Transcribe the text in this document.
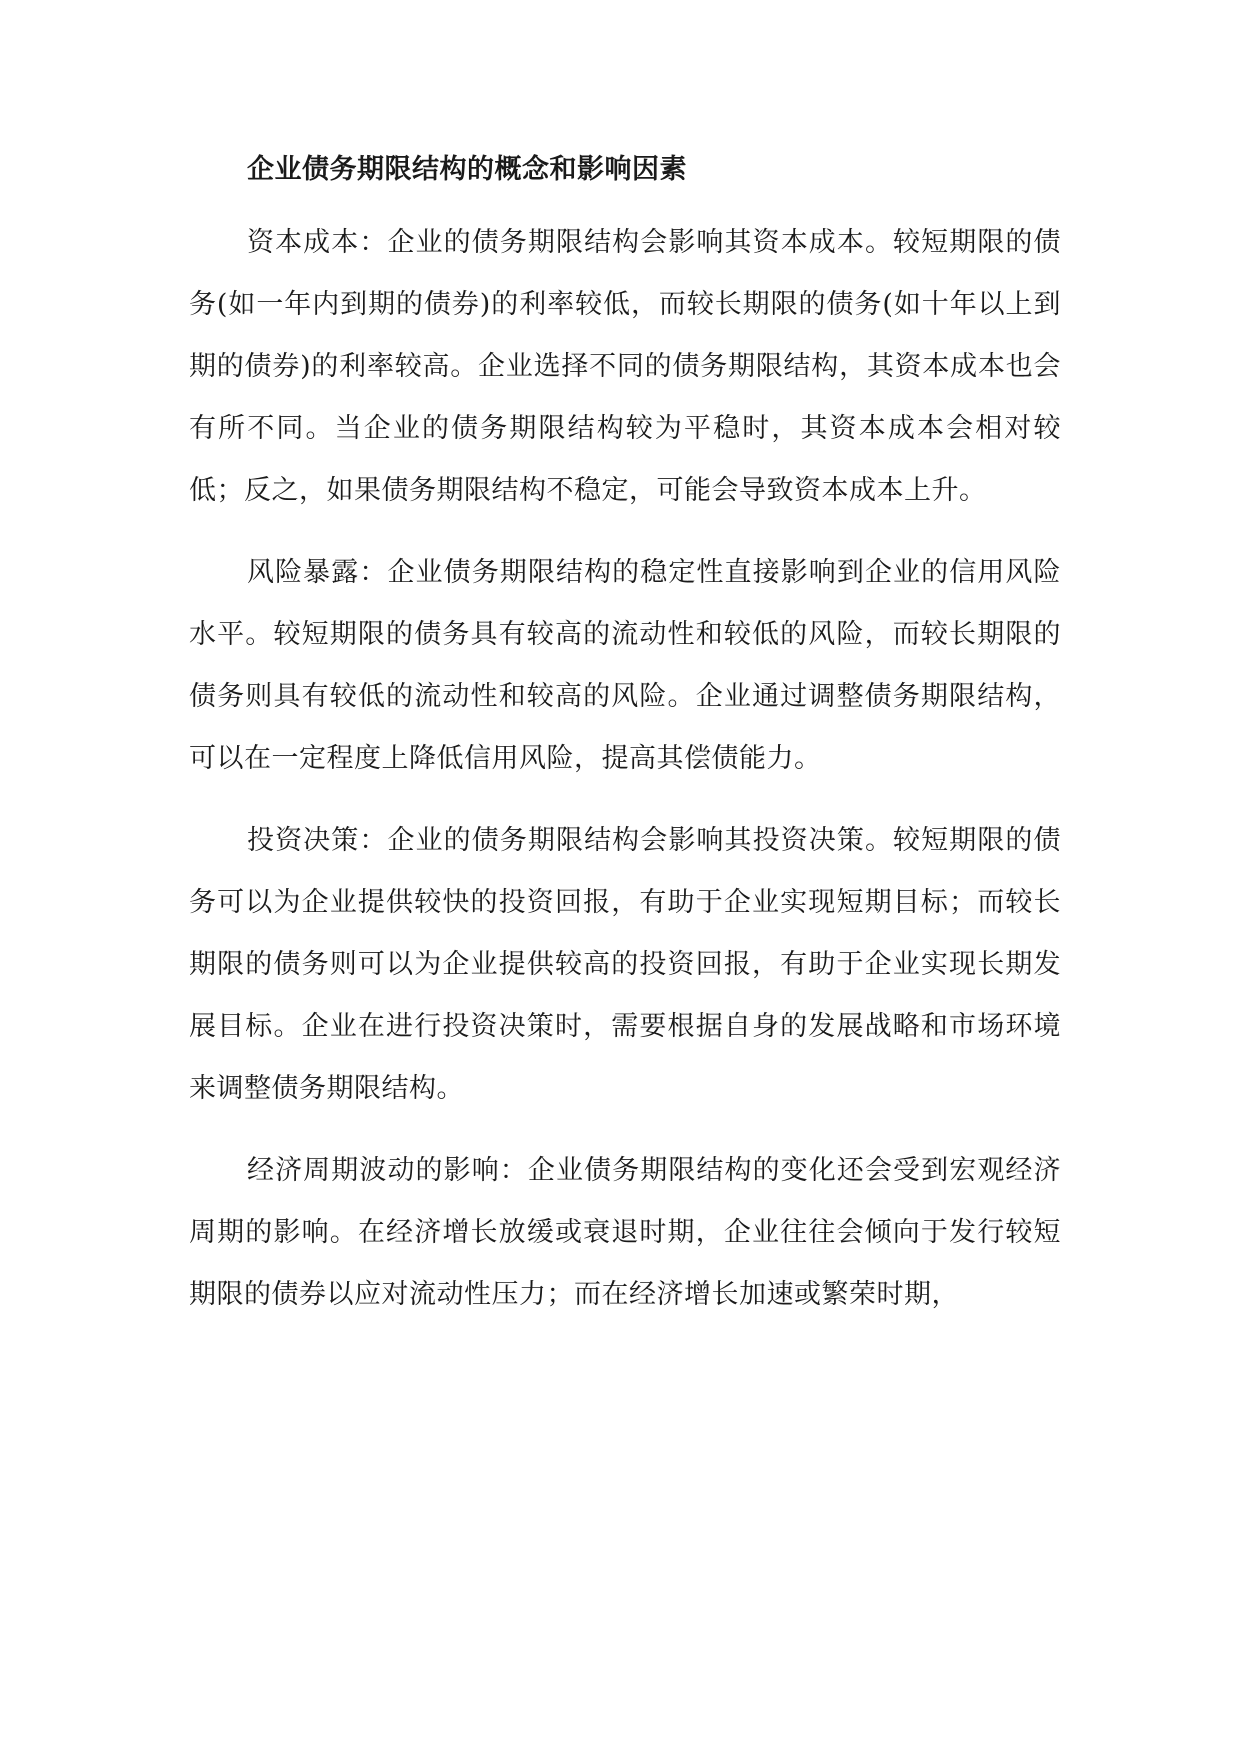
企业债务期限结构的概念和影响因素

资本成本：企业的债务期限结构会影响其资本成本。较短期限的债务(如一年内到期的债券)的利率较低，而较长期限的债务(如十年以上到期的债券)的利率较高。企业选择不同的债务期限结构，其资本成本也会有所不同。当企业的债务期限结构较为平稳时，其资本成本会相对较低；反之，如果债务期限结构不稳定，可能会导致资本成本上升。

风险暴露：企业债务期限结构的稳定性直接影响到企业的信用风险水平。较短期限的债务具有较高的流动性和较低的风险，而较长期限的债务则具有较低的流动性和较高的风险。企业通过调整债务期限结构，可以在一定程度上降低信用风险，提高其偿债能力。

投资决策：企业的债务期限结构会影响其投资决策。较短期限的债务可以为企业提供较快的投资回报，有助于企业实现短期目标；而较长期限的债务则可以为企业提供较高的投资回报，有助于企业实现长期发展目标。企业在进行投资决策时，需要根据自身的发展战略和市场环境来调整债务期限结构。

经济周期波动的影响：企业债务期限结构的变化还会受到宏观经济周期的影响。在经济增长放缓或衰退时期，企业往往会倾向于发行较短期限的债券以应对流动性压力；而在经济增长加速或繁荣时期，
